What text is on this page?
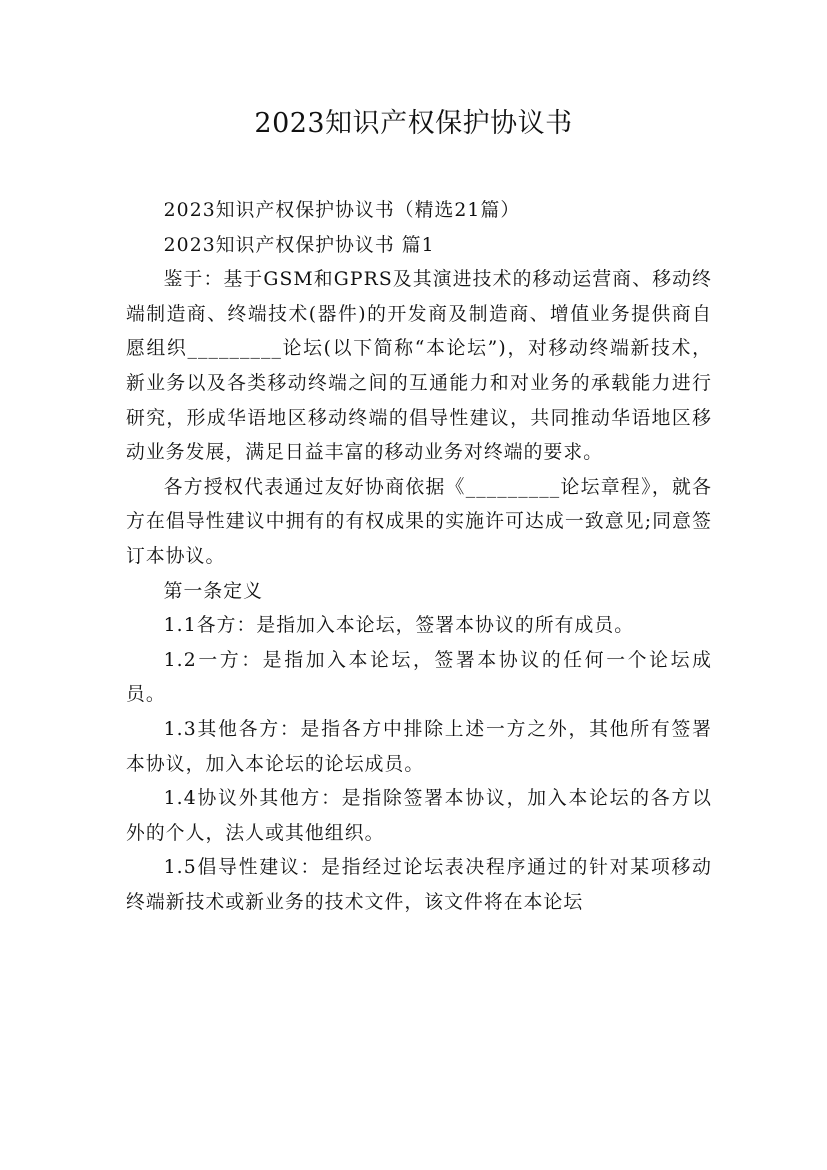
2023知识产权保护协议书

2023知识产权保护协议书（精选21篇）

2023知识产权保护协议书 篇1

鉴于：基于GSM和GPRS及其演进技术的移动运营商、移动终端制造商、终端技术(器件)的开发商及制造商、增值业务提供商自愿组织_________论坛(以下简称“本论坛”)，对移动终端新技术，新业务以及各类移动终端之间的互通能力和对业务的承载能力进行研究，形成华语地区移动终端的倡导性建议，共同推动华语地区移动业务发展，满足日益丰富的移动业务对终端的要求。

各方授权代表通过友好协商依据《_________论坛章程》，就各方在倡导性建议中拥有的有权成果的实施许可达成一致意见;同意签订本协议。

第一条定义

1.1各方：是指加入本论坛，签署本协议的所有成员。

1.2一方：是指加入本论坛，签署本协议的任何一个论坛成员。

1.3其他各方：是指各方中排除上述一方之外，其他所有签署本协议，加入本论坛的论坛成员。

1.4协议外其他方：是指除签署本协议，加入本论坛的各方以外的个人，法人或其他组织。

1.5倡导性建议：是指经过论坛表决程序通过的针对某项移动终端新技术或新业务的技术文件，该文件将在本论坛
